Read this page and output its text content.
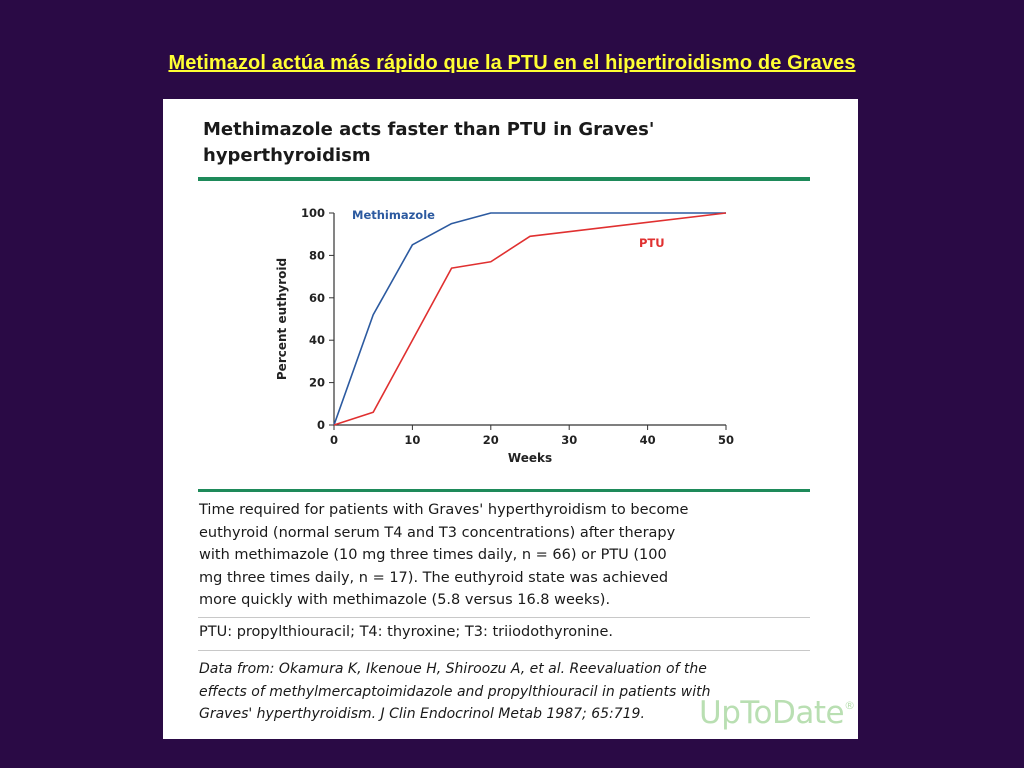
Metimazol actúa más rápido que la PTU en el hipertiroidismo de Graves
Methimazole acts faster than PTU in Graves'
hyperthyroidism
0
20
40
60
80
100
0	10	20	30	40	50
Weeks
Percent euthyroid
Methimazole
PTU
Time required for patients with Graves' hyperthyroidism to become
euthyroid (normal serum T4 and T3 concentrations) after therapy
with methimazole (10 mg three times daily, n = 66) or PTU (100
mg three times daily, n = 17). The euthyroid state was achieved
more quickly with methimazole (5.8 versus 16.8 weeks).
PTU: propylthiouracil; T4: thyroxine; T3: triiodothyronine.
Data from: Okamura K, Ikenoue H, Shiroozu A, et al. Reevaluation of the
effects of methylmercaptoimidazole and propylthiouracil in patients with
Graves' hyperthyroidism. J Clin Endocrinol Metab 1987; 65:719.	UpToDate®
